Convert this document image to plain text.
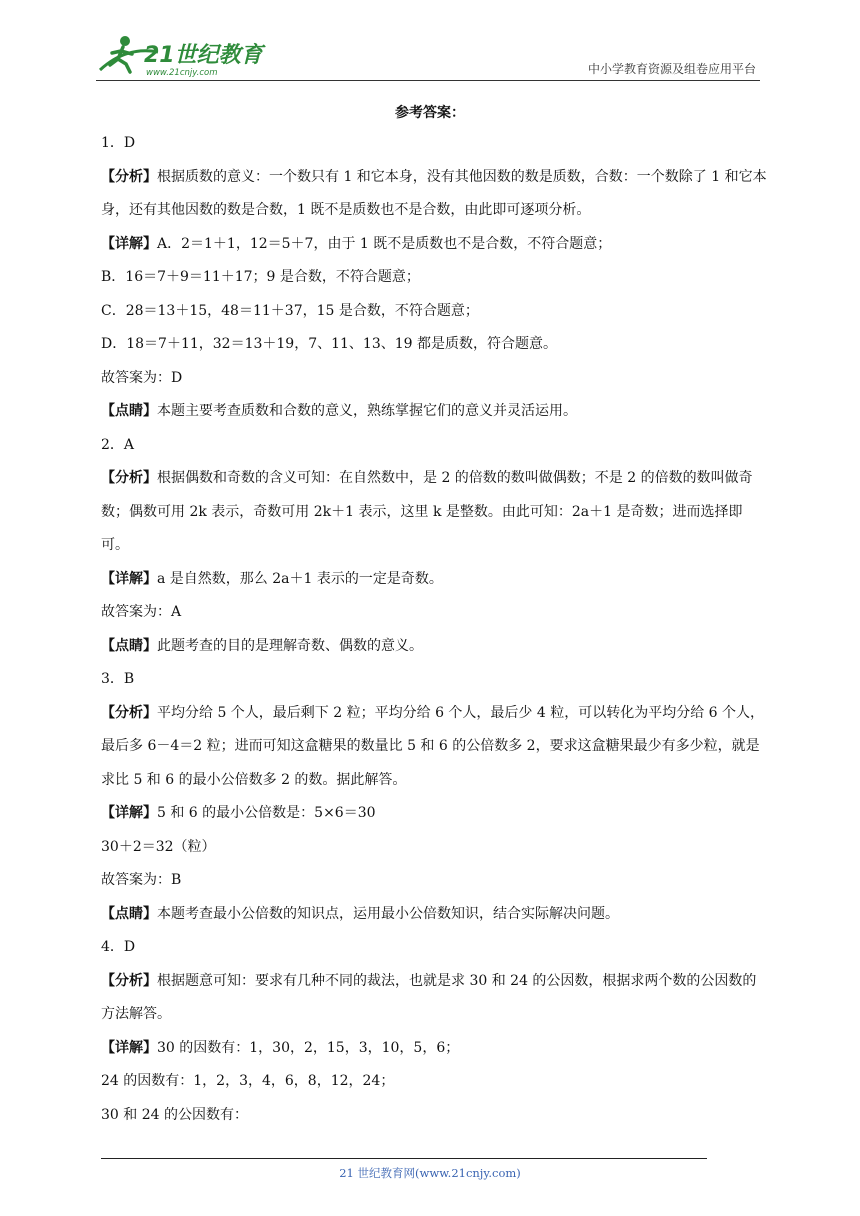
21世纪教育
www.21cnjy.com	中小学教育资源及组卷应用平台
参考答案：

1．D

【分析】根据质数的意义：一个数只有 1 和它本身，没有其他因数的数是质数，合数：一个数除了 1 和它本身，还有其他因数的数是合数，1 既不是质数也不是合数，由此即可逐项分析。

【详解】A．2＝1＋1，12＝5＋7，由于 1 既不是质数也不是合数，不符合题意；

B．16＝7＋9＝11＋17；9 是合数，不符合题意；

C．28＝13＋15，48＝11＋37，15 是合数，不符合题意；

D．18＝7＋11，32＝13＋19，7、11、13、19 都是质数，符合题意。

故答案为：D

【点睛】本题主要考查质数和合数的意义，熟练掌握它们的意义并灵活运用。

2．A

【分析】根据偶数和奇数的含义可知：在自然数中，是 2 的倍数的数叫做偶数；不是 2 的倍数的数叫做奇数；偶数可用 2k 表示，奇数可用 2k＋1 表示，这里 k 是整数。由此可知：2a＋1 是奇数；进而选择即可。

【详解】a 是自然数，那么 2a＋1 表示的一定是奇数。

故答案为：A

【点睛】此题考查的目的是理解奇数、偶数的意义。

3．B

【分析】平均分给 5 个人，最后剩下 2 粒；平均分给 6 个人，最后少 4 粒，可以转化为平均分给 6 个人，最后多 6－4＝2 粒；进而可知这盒糖果的数量比 5 和 6 的公倍数多 2，要求这盒糖果最少有多少粒，就是求比 5 和 6 的最小公倍数多 2 的数。据此解答。

【详解】5 和 6 的最小公倍数是：5×6＝30

30＋2＝32（粒）

故答案为：B

【点睛】本题考查最小公倍数的知识点，运用最小公倍数知识，结合实际解决问题。

4．D

【分析】根据题意可知：要求有几种不同的裁法，也就是求 30 和 24 的公因数，根据求两个数的公因数的方法解答。

【详解】30 的因数有：1，30，2，15，3，10，5，6；

24 的因数有：1，2，3，4，6，8，12，24；

30 和 24 的公因数有：

21 世纪教育网(www.21cnjy.com)
